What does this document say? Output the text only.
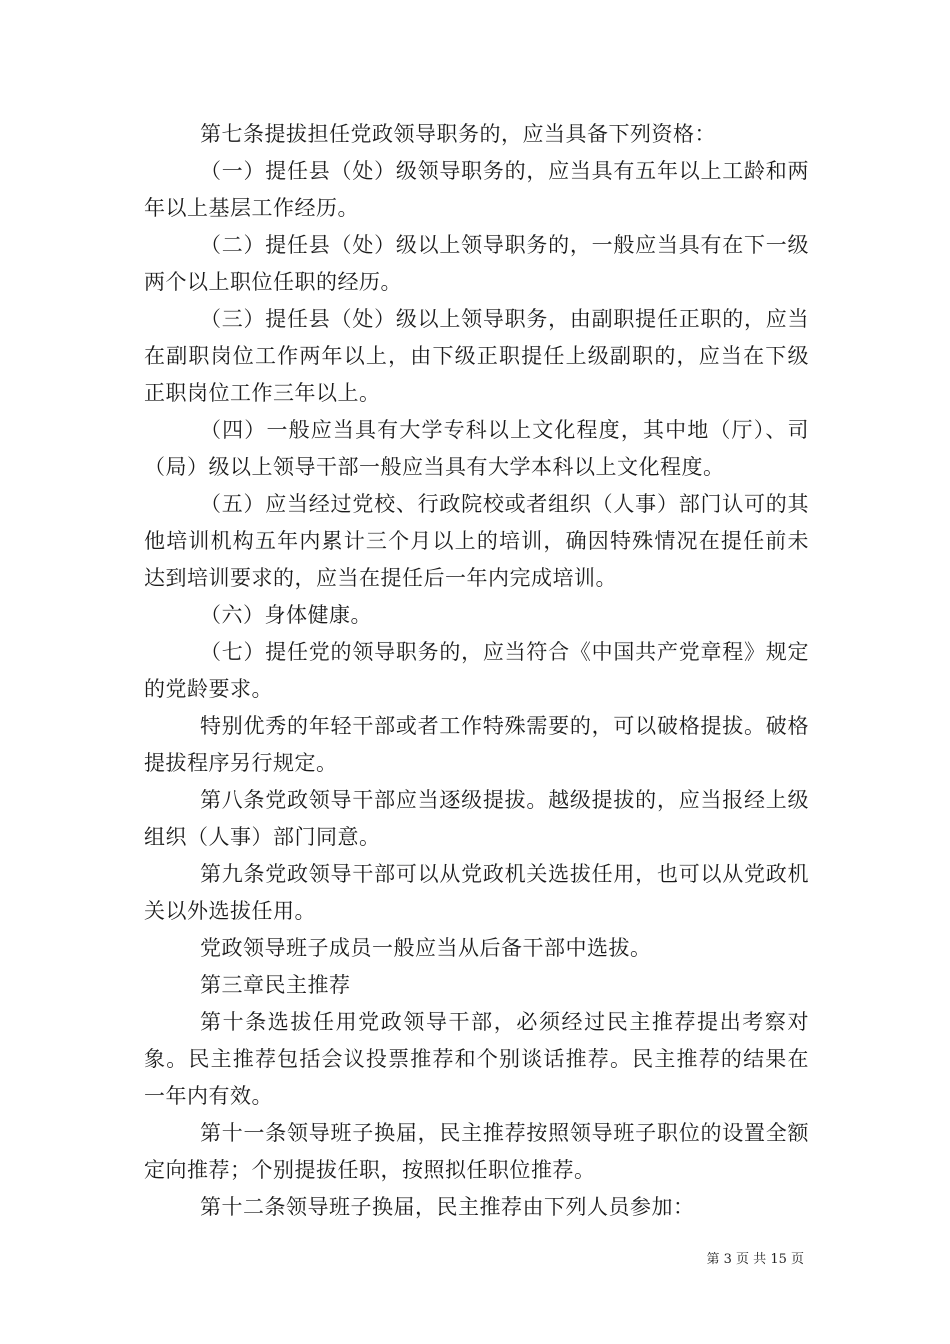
第七条提拔担任党政领导职务的，应当具备下列资格：

（一）提任县（处）级领导职务的，应当具有五年以上工龄和两年以上基层工作经历。

（二）提任县（处）级以上领导职务的，一般应当具有在下一级两个以上职位任职的经历。

（三）提任县（处）级以上领导职务，由副职提任正职的，应当在副职岗位工作两年以上，由下级正职提任上级副职的，应当在下级正职岗位工作三年以上。

（四）一般应当具有大学专科以上文化程度，其中地（厅）、司（局）级以上领导干部一般应当具有大学本科以上文化程度。

（五）应当经过党校、行政院校或者组织（人事）部门认可的其他培训机构五年内累计三个月以上的培训，确因特殊情况在提任前未达到培训要求的，应当在提任后一年内完成培训。

（六）身体健康。

（七）提任党的领导职务的，应当符合《中国共产党章程》规定的党龄要求。

特别优秀的年轻干部或者工作特殊需要的，可以破格提拔。破格提拔程序另行规定。

第八条党政领导干部应当逐级提拔。越级提拔的，应当报经上级组织（人事）部门同意。

第九条党政领导干部可以从党政机关选拔任用，也可以从党政机关以外选拔任用。

党政领导班子成员一般应当从后备干部中选拔。

第三章民主推荐

第十条选拔任用党政领导干部，必须经过民主推荐提出考察对象。民主推荐包括会议投票推荐和个别谈话推荐。民主推荐的结果在一年内有效。

第十一条领导班子换届，民主推荐按照领导班子职位的设置全额定向推荐；个别提拔任职，按照拟任职位推荐。

第十二条领导班子换届，民主推荐由下列人员参加：

第 3 页 共 15 页
